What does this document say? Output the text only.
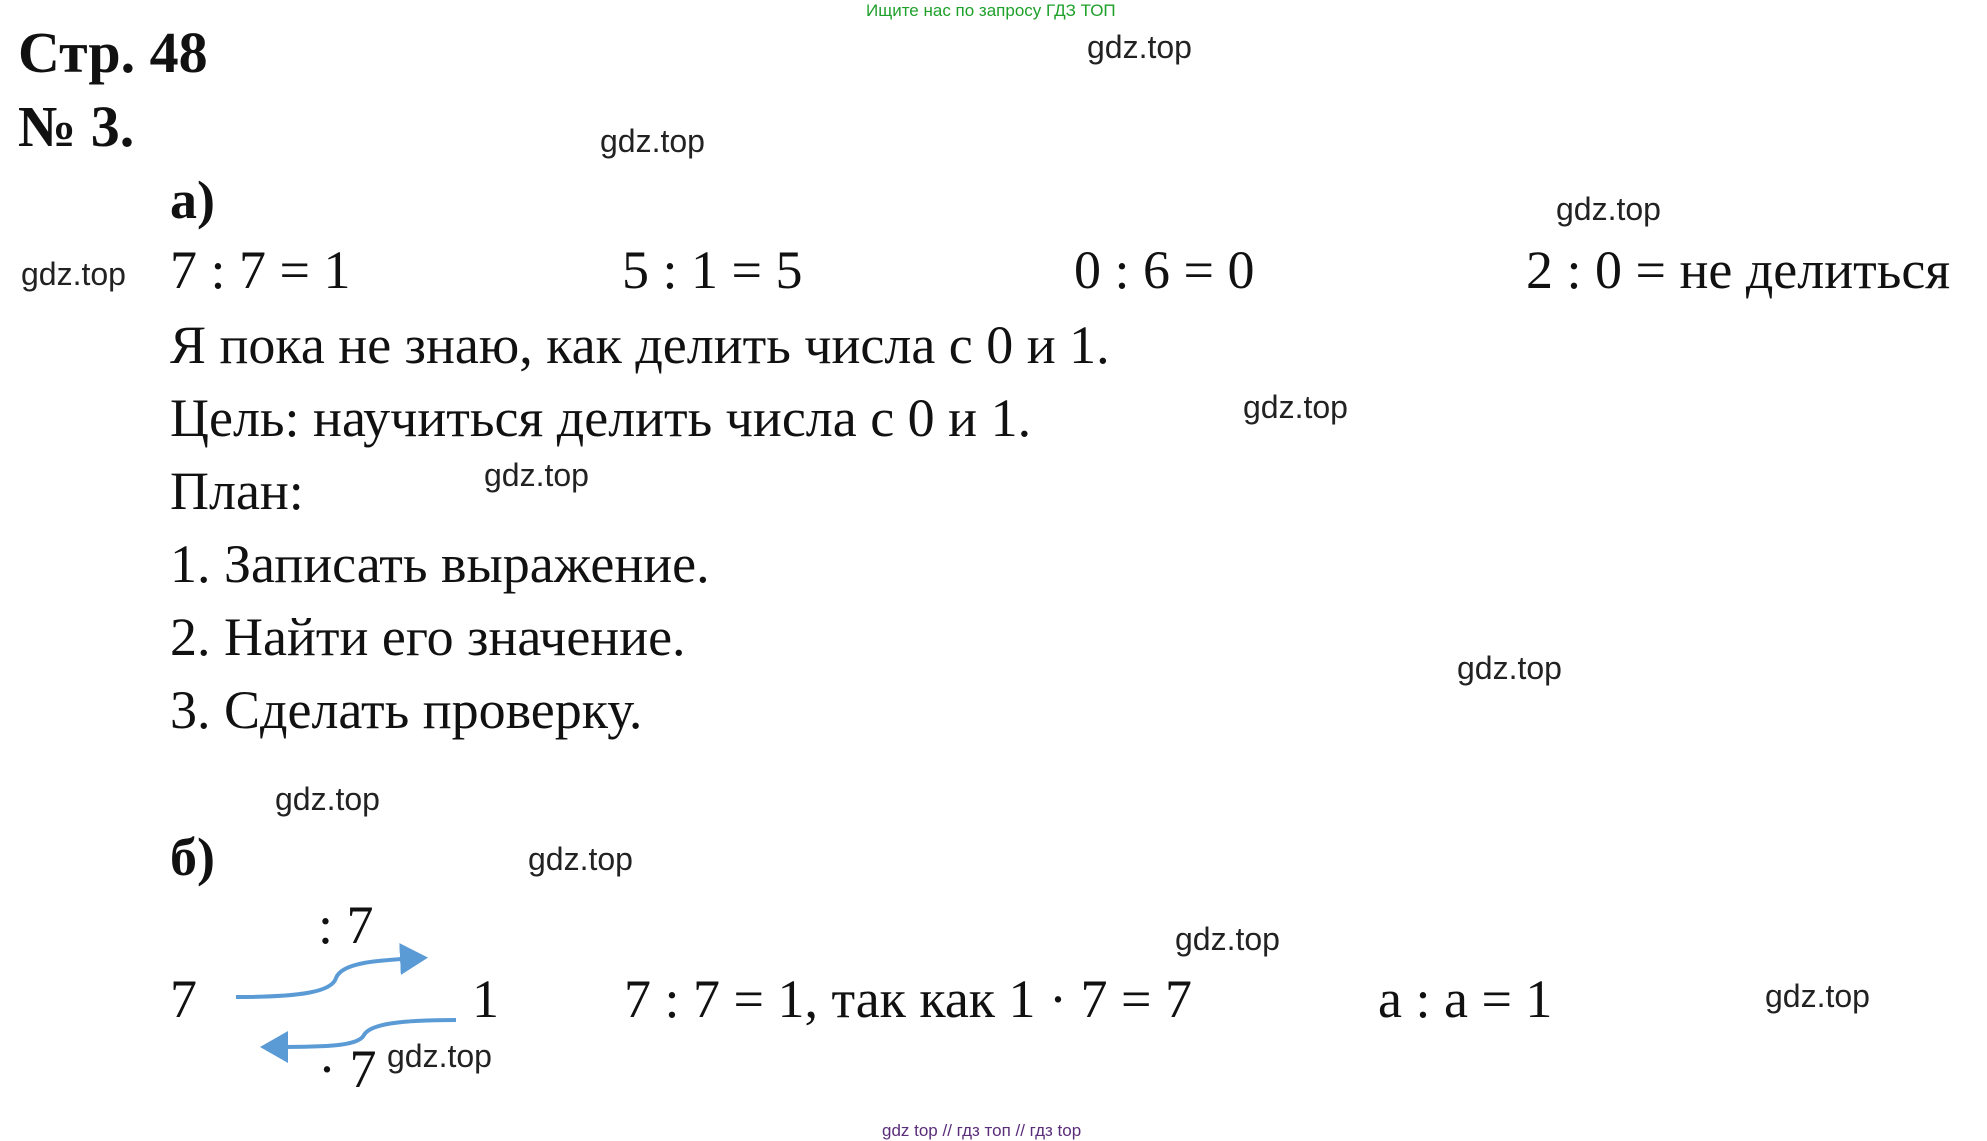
Ищите нас по запросу ГДЗ ТОП
Стр. 48
№ 3.
а)
7 : 7 = 1	5 : 1 = 5	0 : 6 = 0	2 : 0 = не делиться
Я пока не знаю, как делить числа с 0 и 1.
Цель: научиться делить числа с 0 и 1.
План:
1. Записать выражение.
2. Найти его значение.
3. Сделать проверку.
б)
: 7
7	1
· 7
7 : 7 = 1, так как 1 · 7 = 7	а : а = 1
gdz.top
gdz.top
gdz.top
gdz.top
gdz.top
gdz.top
gdz.top
gdz.top
gdz.top
gdz.top
gdz.top
gdz.top
gdz top // гдз топ // гдз top
